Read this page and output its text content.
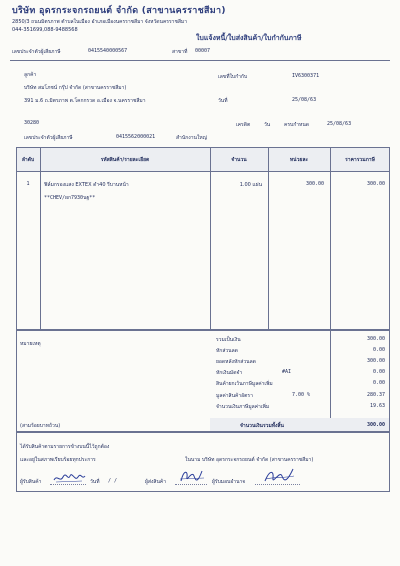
บริษัท อุดรกระจกรถยนต์ จำกัด (สาขานครราชสีมา)
2850/3 ถนนมิตรภาพ ตำบลในเมือง อำเภอเมืองนครราชสีมา จังหวัดนครราชสีมา
044-351699,088-9488568
ใบแจ้งหนี้/ใบส่งสินค้า/ใบกำกับภาษี
เลขประจำตัวผู้เสียภาษี	0415540000567	สาขาที่ 00007
ลูกค้า
บริษัท สมโภชน์ กรุ๊ป จำกัด (สาขานครราชสีมา)
391 ม.6 ถ.มิตรภาพ ต.โคกกรวด อ.เมือง จ.นครราชสีมา
30280
เลขที่ใบกำกับ	IV6300371
วันที่	25/08/63
เครดิต	วัน	ครบกำหนด	25/08/63
เลขประจำตัวผู้เสียภาษี	0415562000021	สำนักงานใหญ่
ลำดับ	รหัสสินค้า/รายละเอียด	จำนวน	หน่วยละ	ราคารวมภาษี
1	ฟิล์มกรองแสง EXTEX ดำ40 รีบานหน้า
**CHEV/ผก7930นฐ**
1.00 แผ่น	300.00	300.00
หมายเหตุ
(สามร้อยบาทถ้วน)
รวมเป็นเงิน	300.00
หักส่วนลด	0.00
ยอดหลังหักส่วนลด	300.00
หักเงินมัดจำ	#AI	0.00
สินค้ายกเว้นภาษีมูลค่าเพิ่ม	0.00
มูลค่าสินค้าอัตรา	7.00 %	280.37
จำนวนเงินภาษีมูลค่าเพิ่ม	19.63
จำนวนเงินรวมทั้งสิ้น	300.00
ได้รับสินค้าตามรายการข้างบนนี้ไว้ถูกต้อง
และอยู่ในสภาพเรียบร้อยทุกประการ	ในนาม บริษัท อุดรกระจกรถยนต์ จำกัด (สาขานครราชสีมา)
ผู้รับสินค้า	วันที่ / /	ผู้ส่งสินค้า	ผู้รับมอบอำนาจ
